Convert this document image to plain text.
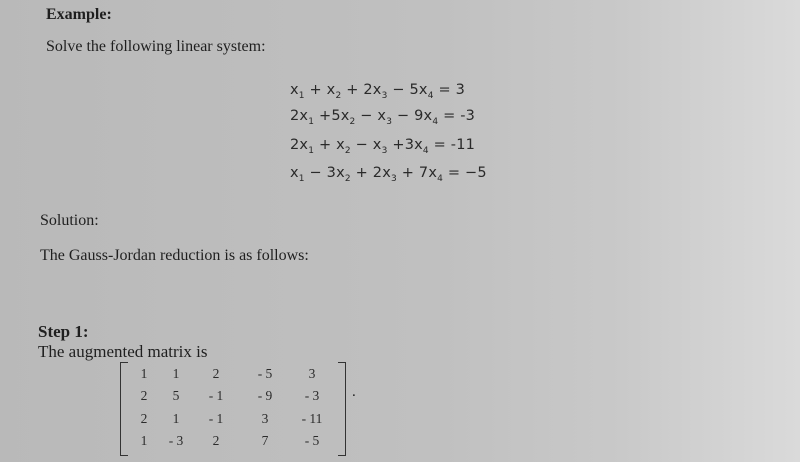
Example:
Solve the following linear system:
$x_1 + x_2 + 2x_3 - 5x_4 = 3$
$2x_1 +5x_2 - x_3 - 9x_4 = -3$
$2x_1 + x_2 - x_3 +3x_4 = -11$
$x_1 - 3x_2 + 2x_3 + 7x_4 = -5$
Solution:
The Gauss-Jordan reduction is as follows:
Step 1:
The augmented matrix is
1	1	2	- 5	3
2	5	- 1	- 9	- 3
2	1	- 1	3	- 11
1	- 3	2	7	- 5
.
